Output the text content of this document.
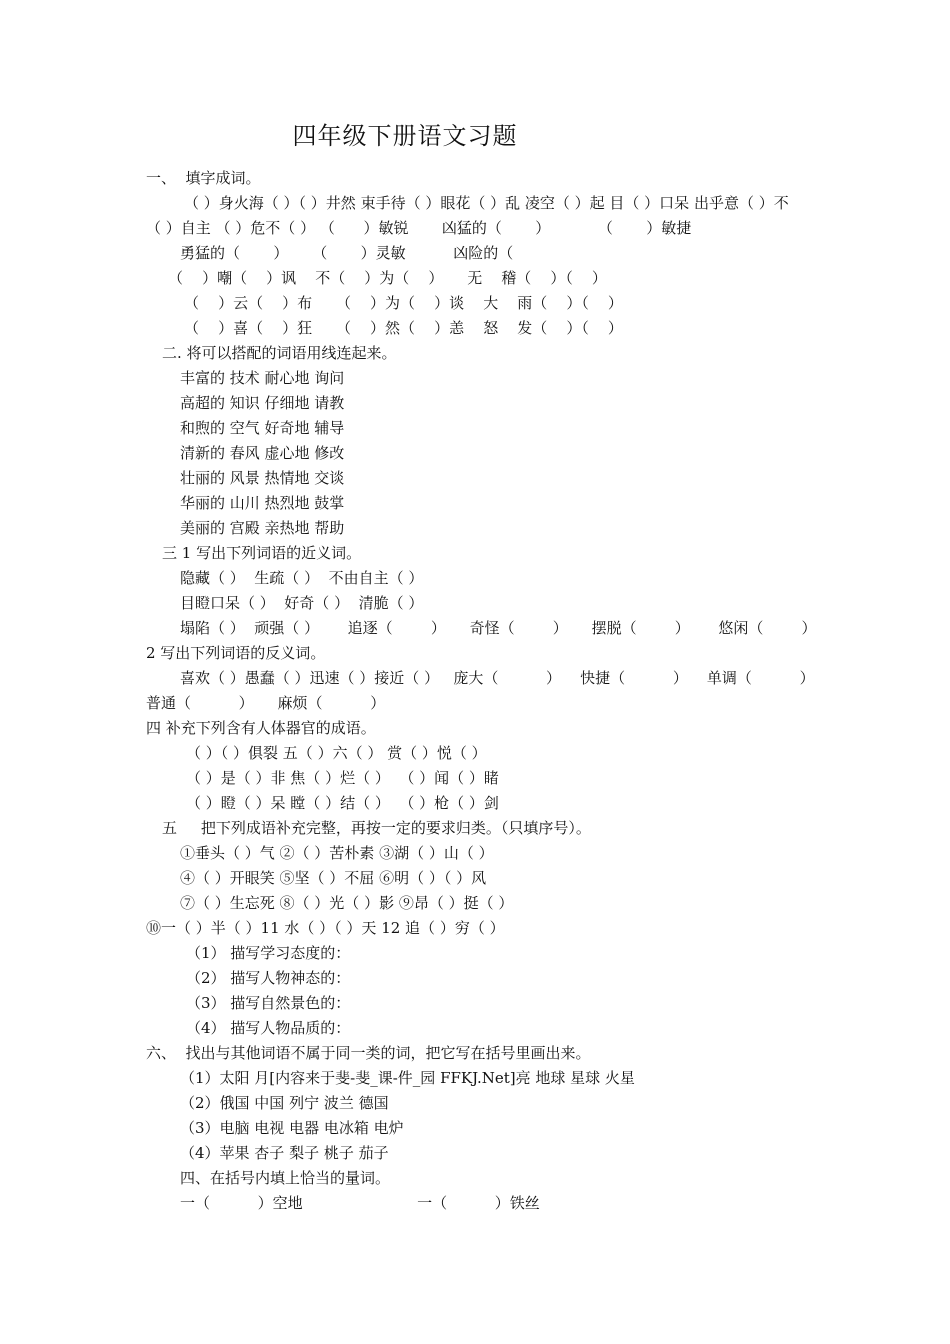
四年级下册语文习题
一、  填字成词。
（ ）身火海（ ）（ ）井然 束手待（ ）眼花（ ）乱 凌空（ ）起 目（ ）口呆 出乎意（ ）不
（ ）自主 （ ）危不（ ） （      ）敏锐       凶猛的（       ）          （       ）敏捷
勇猛的（       ）     （       ）灵敏          凶险的（
（    ）嘲（    ）讽    不（    ）为（    ）     无    稽（    ）（    ）
（    ）云（    ）布     （    ）为（    ）谈    大    雨（    ）（    ）
（    ）喜（    ）狂     （    ）然（    ）恙    怒    发（    ）（    ）
二. 将可以搭配的词语用线连起来。
丰富的 技术 耐心地 询问
高超的 知识 仔细地 请教
和煦的 空气 好奇地 辅导
清新的 春风 虚心地 修改
壮丽的 风景 热情地 交谈
华丽的 山川 热烈地 鼓掌
美丽的 宫殿 亲热地 帮助
三 1 写出下列词语的近义词。
隐藏（ ）  生疏（ ）  不由自主（ ）
目瞪口呆（ ）  好奇（ ）  清脆（ ）
塌陷（ ）  顽强（ ）      追逐（        ）     奇怪（        ）     摆脱（        ）      悠闲（        ）
2 写出下列词语的反义词。
喜欢（ ）愚蠢（ ）迅速（ ）接近（ ）   庞大（          ）    快捷（          ）    单调（          ）
普通（          ）     麻烦（          ）
四 补充下列含有人体器官的成语。
（ ）（ ）俱裂 五（ ）六（ ） 赏（ ）悦（ ）
（ ）是（ ）非 焦（ ）烂（ ）  （ ）闻（ ）睹
（ ）瞪（ ）呆 瞠（ ）结（ ）  （ ）枪（ ）剑
五     把下列成语补充完整，再按一定的要求归类。（只填序号）。
①垂头（ ）气 ②（ ）苦朴素 ③湖（ ）山（ ）
④（ ）开眼笑 ⑤坚（ ）不屈 ⑥明（ ）（ ）风
⑦（ ）生忘死 ⑧（ ）光（ ）影 ⑨昂（ ）挺（ ）
⑩一（ ）半（ ）11 水（ ）（ ）天 12 追（ ）穷（ ）
（1） 描写学习态度的：
（2） 描写人物神态的：
（3） 描写自然景色的：
（4） 描写人物品质的：
六、  找出与其他词语不属于同一类的词，把它写在括号里画出来。
（1）太阳 月[内容来于斐-斐_课-件_园 FFKJ.Net]亮 地球 星球 火星
（2）俄国 中国 列宁 波兰 德国
（3）电脑 电视 电器 电冰箱 电炉
（4）苹果 杏子 梨子 桃子 茄子
四、在括号内填上恰当的量词。
一（          ）空地                        一（          ）铁丝
